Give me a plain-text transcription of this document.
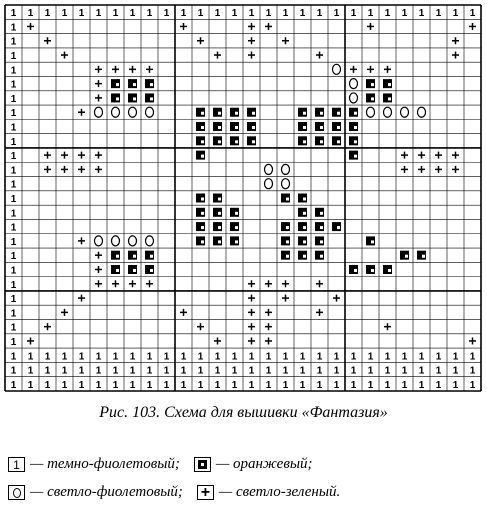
1 1 1 1 1 1 1 1 1 1 1 1 1 1 1 1 1 1 1 1 1 1 1 1 1 1 1 1
1
1
1
1
1
1
1
1
1
1
1
1
1
1
1
1
1
1
1
1
1
1
1
1 1 1 1 1 1 1 1 1 1 1 1 1 1 1 1 1 1 1 1 1 1 1 1 1 1 1 1
1 1 1 1 1 1 1 1 1 1 1 1 1 1 1 1 1 1 1 1 1 1 1 1 1 1 1 1
1 1 1 1 1 1 1 1 1 1 1 1 1 1 1 1 1 1 1 1 1 1 1 1 1 1 1 1
Рис. 103. Схема для вышивки «Фантазия»
1 — темно-фиолетовый; — оранжевый;
— светло-фиолетовый; + — светло-зеленый.
